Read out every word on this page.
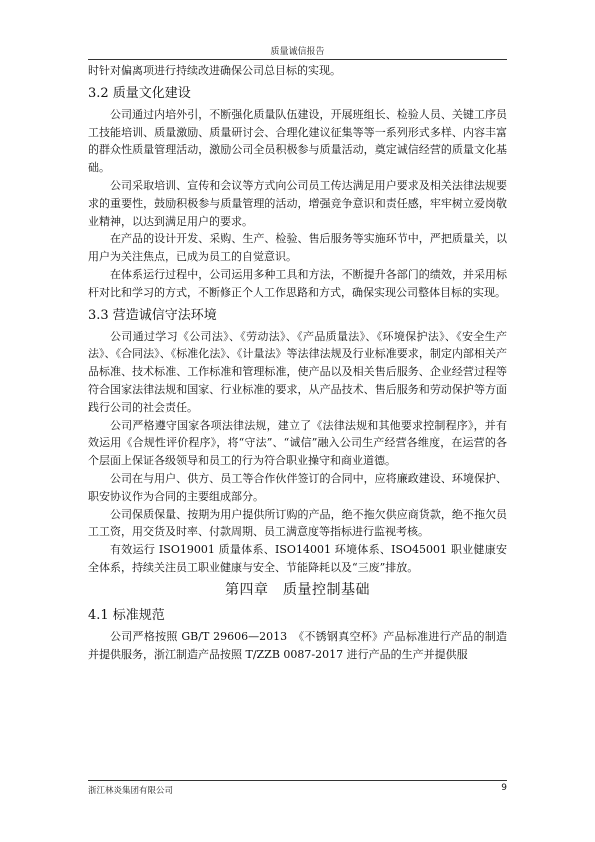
质量诚信报告

时针对偏离项进行持续改进确保公司总目标的实现。

3.2 质量文化建设

公司通过内培外引，不断强化质量队伍建设，开展班组长、检验人员、关键工序员工技能培训、质量激励、质量研讨会、合理化建议征集等等一系列形式多样、内容丰富的群众性质量管理活动，激励公司全员积极参与质量活动，奠定诚信经营的质量文化基础。

公司采取培训、宣传和会议等方式向公司员工传达满足用户要求及相关法律法规要求的重要性，鼓励积极参与质量管理的活动，增强竞争意识和责任感，牢牢树立爱岗敬业精神，以达到满足用户的要求。

在产品的设计开发、采购、生产、检验、售后服务等实施环节中，严把质量关，以用户为关注焦点，已成为员工的自觉意识。

在体系运行过程中，公司运用多种工具和方法，不断提升各部门的绩效，并采用标杆对比和学习的方式，不断修正个人工作思路和方式，确保实现公司整体目标的实现。

3.3 营造诚信守法环境

公司通过学习《公司法》、《劳动法》、《产品质量法》、《环境保护法》、《安全生产法》、《合同法》、《标准化法》、《计量法》等法律法规及行业标准要求，制定内部相关产品标准、技术标准、工作标准和管理标准，使产品以及相关售后服务、企业经营过程等符合国家法律法规和国家、行业标准的要求，从产品技术、售后服务和劳动保护等方面践行公司的社会责任。

公司严格遵守国家各项法律法规，建立了《法律法规和其他要求控制程序》，并有效运用《合规性评价程序》，将“守法”、“诚信”融入公司生产经营各维度，在运营的各个层面上保证各级领导和员工的行为符合职业操守和商业道德。

公司在与用户、供方、员工等合作伙伴签订的合同中，应将廉政建设、环境保护、职安协议作为合同的主要组成部分。

公司保质保量、按期为用户提供所订购的产品，绝不拖欠供应商货款，绝不拖欠员工工资，用交货及时率、付款周期、员工满意度等指标进行监视考核。

有效运行 ISO19001 质量体系、ISO14001 环境体系、ISO45001 职业健康安全体系，持续关注员工职业健康与安全、节能降耗以及“三废”排放。

第四章　质量控制基础
4.1 标准规范

公司严格按照 GB/T 29606—2013　《不锈钢真空杯》产品标准进行产品的制造并提供服务，浙江制造产品按照 T/ZZB 0087-2017 进行产品的生产并提供服

浙江林炎集团有限公司	9
